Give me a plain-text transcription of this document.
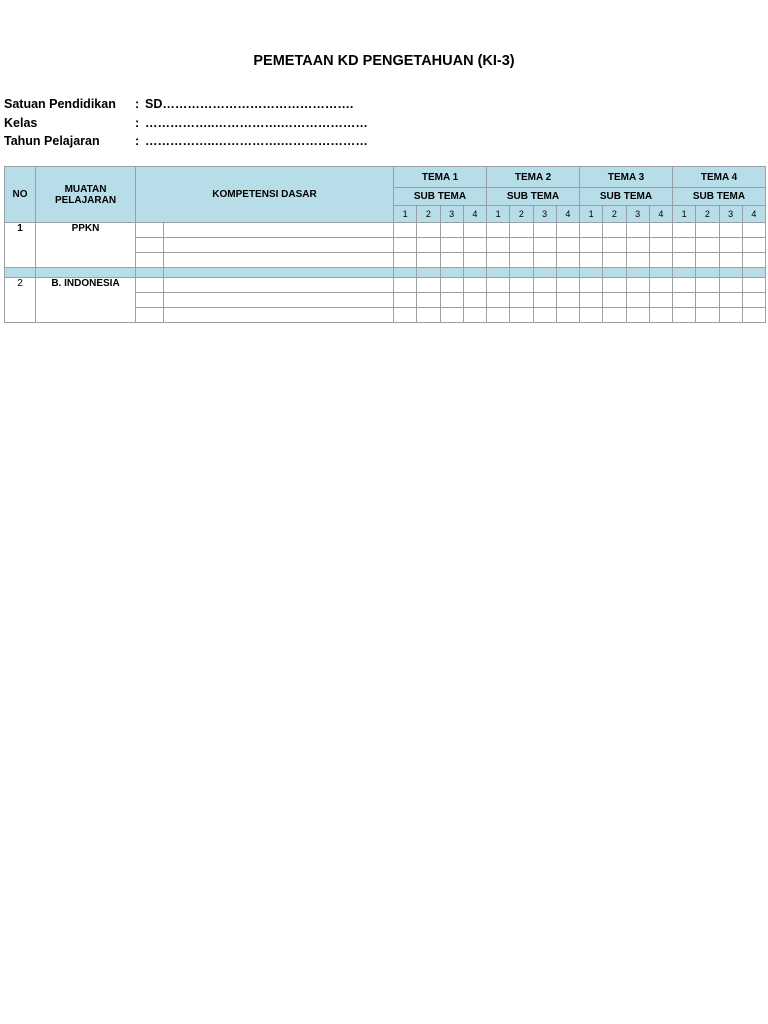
PEMETAAN KD PENGETAHUAN (KI-3)
Satuan Pendidikan : SD……………………………………….
Kelas	: ……………..…………….…………………
Tahun Pelajaran	: ……………..…………….…………………
NO	MUATAN PELAJARAN	KOMPETENSI DASAR		TEMA 1				TEMA 2				TEMA 3				TEMA 4			
				SUB TEMA				SUB TEMA				SUB TEMA				SUB TEMA			
				1	2	3	4	1	2	3	4	1	2	3	4	1	2	3	4
1	PPKN																		

2	B. INDONESIA																		
